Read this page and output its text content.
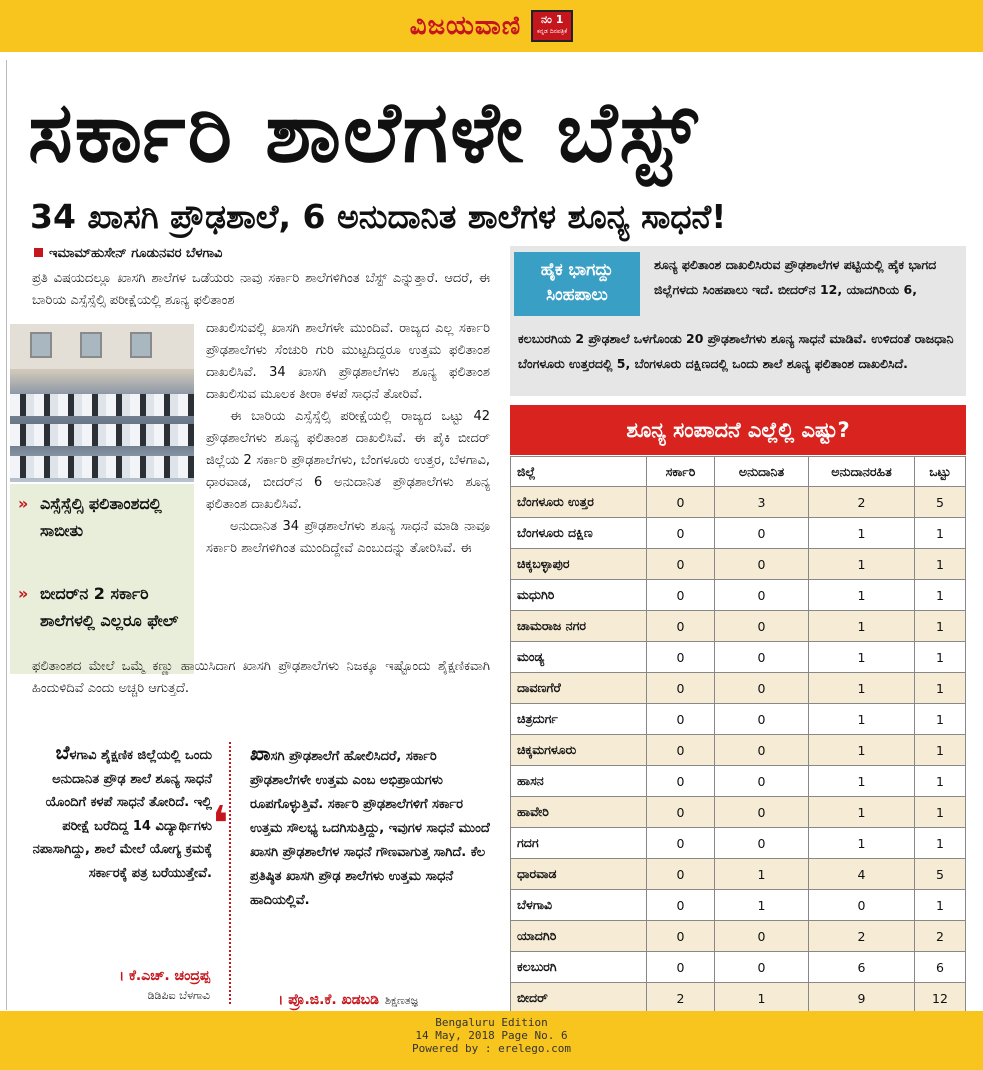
ವಿಜಯವಾಣಿ	ನಂ 1
ಕನ್ನಡ ದಿನಪತ್ರಿಕೆ
ಸರ್ಕಾರಿ ಶಾಲೆಗಳೇ ಬೆಸ್ಟ್
34 ಖಾಸಗಿ ಪ್ರೌಢಶಾಲೆ, 6 ಅನುದಾನಿತ ಶಾಲೆಗಳ ಶೂನ್ಯ ಸಾಧನೆ!
ಇಮಾಮ್‌ಹುಸೇನ್ ಗೂಡುನವರ ಬೆಳಗಾವಿ

ಪ್ರತಿ ವಿಷಯದಲ್ಲೂ ಖಾಸಗಿ ಶಾಲೆಗಳ ಒಡೆಯರು ನಾವು ಸರ್ಕಾರಿ ಶಾಲೆಗಳಿಗಿಂತ ಬೆಸ್ಟ್ ಎನ್ನುತ್ತಾರೆ. ಆದರೆ, ಈ ಬಾರಿಯ ಎಸ್ಸೆಸ್ಸೆಲ್ಸಿ ಪರೀಕ್ಷೆಯಲ್ಲಿ ಶೂನ್ಯ ಫಲಿತಾಂಶ

» ಎಸ್ಸೆಸ್ಸೆಲ್ಸಿ ಫಲಿತಾಂಶದಲ್ಲಿ ಸಾಬೀತು
» ಬೀದರ್‌ನ 2 ಸರ್ಕಾರಿ ಶಾಲೆಗಳಲ್ಲಿ ಎಲ್ಲರೂ ಫೇಲ್

ದಾಖಲಿಸುವಲ್ಲಿ ಖಾಸಗಿ ಶಾಲೆಗಳೇ ಮುಂದಿವೆ. ರಾಜ್ಯದ ಎಲ್ಲ ಸರ್ಕಾರಿ ಪ್ರೌಢಶಾಲೆಗಳು ಸೆಂಚುರಿ ಗುರಿ ಮುಟ್ಟದಿದ್ದರೂ ಉತ್ತಮ ಫಲಿತಾಂಶ ದಾಖಲಿಸಿವೆ. 34 ಖಾಸಗಿ ಪ್ರೌಢಶಾಲೆಗಳು ಶೂನ್ಯ ಫಲಿತಾಂಶ ದಾಖಲಿಸುವ ಮೂಲಕ ತೀರಾ ಕಳಪೆ ಸಾಧನೆ ತೋರಿವೆ.

ಈ ಬಾರಿಯ ಎಸ್ಸೆಸ್ಸೆಲ್ಸಿ ಪರೀಕ್ಷೆಯಲ್ಲಿ ರಾಜ್ಯದ ಒಟ್ಟು 42 ಪ್ರೌಢಶಾಲೆಗಳು ಶೂನ್ಯ ಫಲಿತಾಂಶ ದಾಖಲಿಸಿವೆ. ಈ ಪೈಕಿ ಬೀದರ್ ಜಿಲ್ಲೆಯ 2 ಸರ್ಕಾರಿ ಪ್ರೌಢಶಾಲೆಗಳು, ಬೆಂಗಳೂರು ಉತ್ತರ, ಬೆಳಗಾವಿ, ಧಾರವಾಡ, ಬೀದರ್‌ನ 6 ಅನುದಾನಿತ ಪ್ರೌಢಶಾಲೆಗಳು ಶೂನ್ಯ ಫಲಿತಾಂಶ ದಾಖಲಿಸಿವೆ.

ಅನುದಾನಿತ 34 ಪ್ರೌಢಶಾಲೆಗಳು ಶೂನ್ಯ ಸಾಧನೆ ಮಾಡಿ ನಾವೂ ಸರ್ಕಾರಿ ಶಾಲೆಗಳಿಗಿಂತ ಮುಂದಿದ್ದೇವೆ ಎಂಬುದನ್ನು ತೋರಿಸಿವೆ. ಈ

ಫಲಿತಾಂಶದ ಮೇಲೆ ಒಮ್ಮೆ ಕಣ್ಣು ಹಾಯಿಸಿದಾಗ ಖಾಸಗಿ ಪ್ರೌಢಶಾಲೆಗಳು ನಿಜಕ್ಕೂ ಇಷ್ಟೊಂದು ಶೈಕ್ಷಣಿಕವಾಗಿ ಹಿಂದುಳಿದಿವೆ ಎಂದು ಅಚ್ಚರಿ ಆಗುತ್ತದೆ.

ಬೆಳಗಾವಿ ಶೈಕ್ಷಣಿಕ ಜಿಲ್ಲೆಯಲ್ಲಿ ಒಂದು ಅನುದಾನಿತ ಪ್ರೌಢ ಶಾಲೆ ಶೂನ್ಯ ಸಾಧನೆ ಯೊಂದಿಗೆ ಕಳಪೆ ಸಾಧನೆ ತೋರಿದೆ. ಇಲ್ಲಿ ಪರೀಕ್ಷೆ ಬರೆದಿದ್ದ 14 ವಿದ್ಯಾರ್ಥಿಗಳು ನಪಾಸಾಗಿದ್ದು, ಶಾಲೆ ಮೇಲೆ ಯೋಗ್ಯ ಕ್ರಮಕ್ಕೆ ಸರ್ಕಾರಕ್ಕೆ ಪತ್ರ ಬರೆಯುತ್ತೇವೆ.
। ಕೆ.ಎಚ್. ಚಂದ್ರಪ್ಪ
ಡಿಡಿಪಿಐ ಬೆಳಗಾವಿ
❛
ಖಾಸಗಿ ಪ್ರೌಢಶಾಲೆಗೆ ಹೋಲಿಸಿದರೆ, ಸರ್ಕಾರಿ ಪ್ರೌಢಶಾಲೆಗಳೇ ಉತ್ತಮ ಎಂಬ ಅಭಿಪ್ರಾಯಗಳು ರೂಪಗೊಳ್ಳುತ್ತಿವೆ. ಸರ್ಕಾರಿ ಪ್ರೌಢಶಾಲೆಗಳಿಗೆ ಸರ್ಕಾರ ಉತ್ತಮ ಸೌಲಭ್ಯ ಒದಗಿಸುತ್ತಿದ್ದು, ಇವುಗಳ ಸಾಧನೆ ಮುಂದೆ ಖಾಸಗಿ ಪ್ರೌಢಶಾಲೆಗಳ ಸಾಧನೆ ಗೌಣವಾಗುತ್ತ ಸಾಗಿದೆ. ಕೆಲ ಪ್ರತಿಷ್ಠಿತ ಖಾಸಗಿ ಪ್ರೌಢ ಶಾಲೆಗಳು ಉತ್ತಮ ಸಾಧನೆ ಹಾದಿಯಲ್ಲಿವೆ.
। ಪ್ರೊ.ಜಿ.ಕೆ. ಖಡಬಡಿ ಶಿಕ್ಷಣತಜ್ಞ
ಹೈಕ ಭಾಗದ್ದು ಸಿಂಹಪಾಲು
ಶೂನ್ಯ ಫಲಿತಾಂಶ ದಾಖಲಿಸಿರುವ ಪ್ರೌಢಶಾಲೆಗಳ ಪಟ್ಟಿಯಲ್ಲಿ ಹೈಕ ಭಾಗದ ಜಿಲ್ಲೆಗಳದು ಸಿಂಹಪಾಲು ಇದೆ. ಬೀದರ್‌ನ 12, ಯಾದಗಿರಿಯ 6,
ಕಲಬುರಗಿಯ 2 ಪ್ರೌಢಶಾಲೆ ಒಳಗೊಂಡು 20 ಪ್ರೌಢಶಾಲೆಗಳು ಶೂನ್ಯ ಸಾಧನೆ ಮಾಡಿವೆ. ಉಳಿದಂತೆ ರಾಜಧಾನಿ ಬೆಂಗಳೂರು ಉತ್ತರದಲ್ಲಿ 5, ಬೆಂಗಳೂರು ದಕ್ಷಿಣದಲ್ಲಿ ಒಂದು ಶಾಲೆ ಶೂನ್ಯ ಫಲಿತಾಂಶ ದಾಖಲಿಸಿದೆ.
ಶೂನ್ಯ ಸಂಪಾದನೆ ಎಲ್ಲೆಲ್ಲಿ ಎಷ್ಟು?
ಜಿಲ್ಲೆ	ಸರ್ಕಾರಿ	ಅನುದಾನಿತ	ಅನುದಾನರಹಿತ	ಒಟ್ಟು
ಬೆಂಗಳೂರು ಉತ್ತರ	0	3	2	5
ಬೆಂಗಳೂರು ದಕ್ಷಿಣ	0	0	1	1
ಚಿಕ್ಕಬಳ್ಳಾಪುರ	0	0	1	1
ಮಧುಗಿರಿ	0	0	1	1
ಚಾಮರಾಜ ನಗರ	0	0	1	1
ಮಂಡ್ಯ	0	0	1	1
ದಾವಣಗೆರೆ	0	0	1	1
ಚಿತ್ರದುರ್ಗ	0	0	1	1
ಚಿಕ್ಕಮಗಳೂರು	0	0	1	1
ಹಾಸನ	0	0	1	1
ಹಾವೇರಿ	0	0	1	1
ಗದಗ	0	0	1	1
ಧಾರವಾಡ	0	1	4	5
ಬೆಳಗಾವಿ	0	1	0	1
ಯಾದಗಿರಿ	0	0	2	2
ಕಲಬುರಗಿ	0	0	6	6
ಬೀದರ್	2	1	9	12
Bengaluru Edition
14 May, 2018 Page No. 6
Powered by : erelego.com
